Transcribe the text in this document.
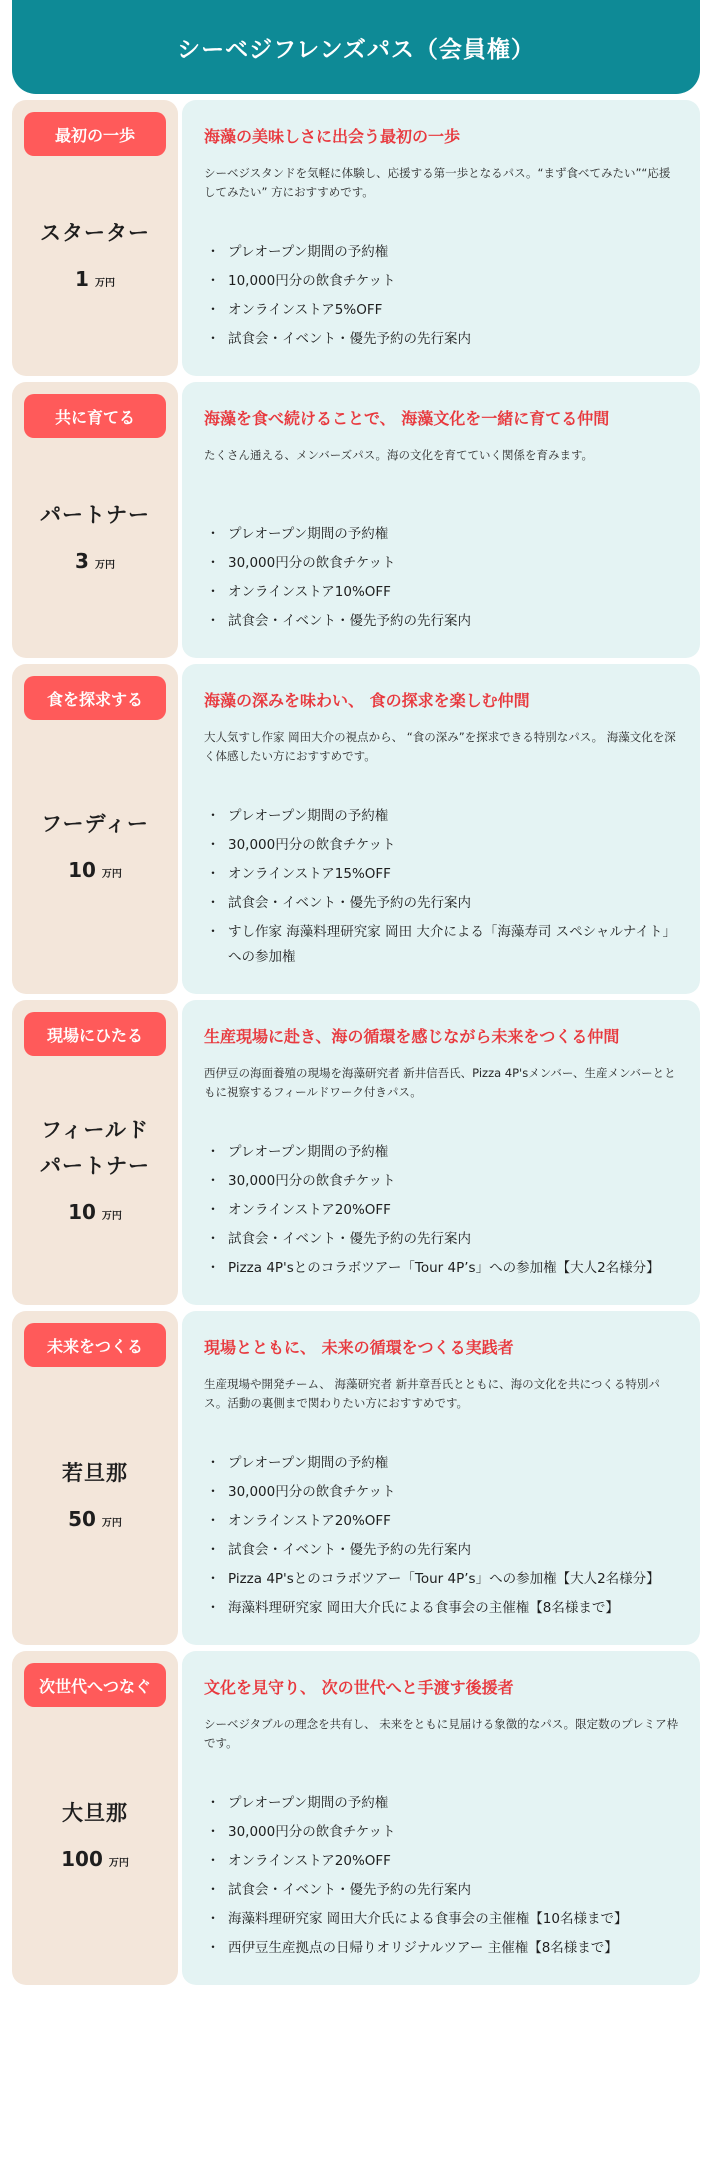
シーベジフレンズパス（会員権）
最初の一歩
スターター
1 万円
海藻の美味しさに出会う最初の一歩
シーベジスタンドを気軽に体験し、応援する第一歩となるパス。“まず食べてみたい”“応援してみたい” 方におすすめです。
・ プレオープン期間の予約権
・ 10,000円分の飲食チケット
・ オンラインストア5%OFF
・ 試食会・イベント・優先予約の先行案内
共に育てる
パートナー
3 万円
海藻を食べ続けることで、 海藻文化を一緒に育てる仲間
たくさん通える、メンバーズパス。海の文化を育てていく関係を育みます。
・ プレオープン期間の予約権
・ 30,000円分の飲食チケット
・ オンラインストア10%OFF
・ 試食会・イベント・優先予約の先行案内
食を探求する
フーディー
10 万円
海藻の深みを味わい、 食の探求を楽しむ仲間
大人気すし作家 岡田大介の視点から、 “食の深み”を探求できる特別なパス。 海藻文化を深く体感したい方におすすめです。
・ プレオープン期間の予約権
・ 30,000円分の飲食チケット
・ オンラインストア15%OFF
・ 試食会・イベント・優先予約の先行案内
・ すし作家 海藻料理研究家 岡田 大介による「海藻寿司 スペシャルナイト」への参加権
現場にひたる
フィールド
パートナー
10 万円
生産現場に赴き、海の循環を感じながら未来をつくる仲間
西伊豆の海面養殖の現場を海藻研究者 新井信吾氏、Pizza 4P'sメンバー、生産メンバーとともに視察するフィールドワーク付きパス。
・ プレオープン期間の予約権
・ 30,000円分の飲食チケット
・ オンラインストア20%OFF
・ 試食会・イベント・優先予約の先行案内
・ Pizza 4P'sとのコラボツアー「Tour 4P’s」への参加権【大人2名様分】
未来をつくる
若旦那
50 万円
現場とともに、 未来の循環をつくる実践者
生産現場や開発チーム、 海藻研究者 新井章吾氏とともに、海の文化を共につくる特別パス。活動の裏側まで関わりたい方におすすめです。
・ プレオープン期間の予約権
・ 30,000円分の飲食チケット
・ オンラインストア20%OFF
・ 試食会・イベント・優先予約の先行案内
・ Pizza 4P'sとのコラボツアー「Tour 4P’s」への参加権【大人2名様分】
・ 海藻料理研究家 岡田大介氏による食事会の主催権【8名様まで】
次世代へつなぐ
大旦那
100 万円
文化を見守り、 次の世代へと手渡す後援者
シーベジタブルの理念を共有し、 未来をともに見届ける象徴的なパス。限定数のプレミア枠です。
・ プレオープン期間の予約権
・ 30,000円分の飲食チケット
・ オンラインストア20%OFF
・ 試食会・イベント・優先予約の先行案内
・ 海藻料理研究家 岡田大介氏による食事会の主催権【10名様まで】
・ 西伊豆生産拠点の日帰りオリジナルツアー 主催権【8名様まで】
